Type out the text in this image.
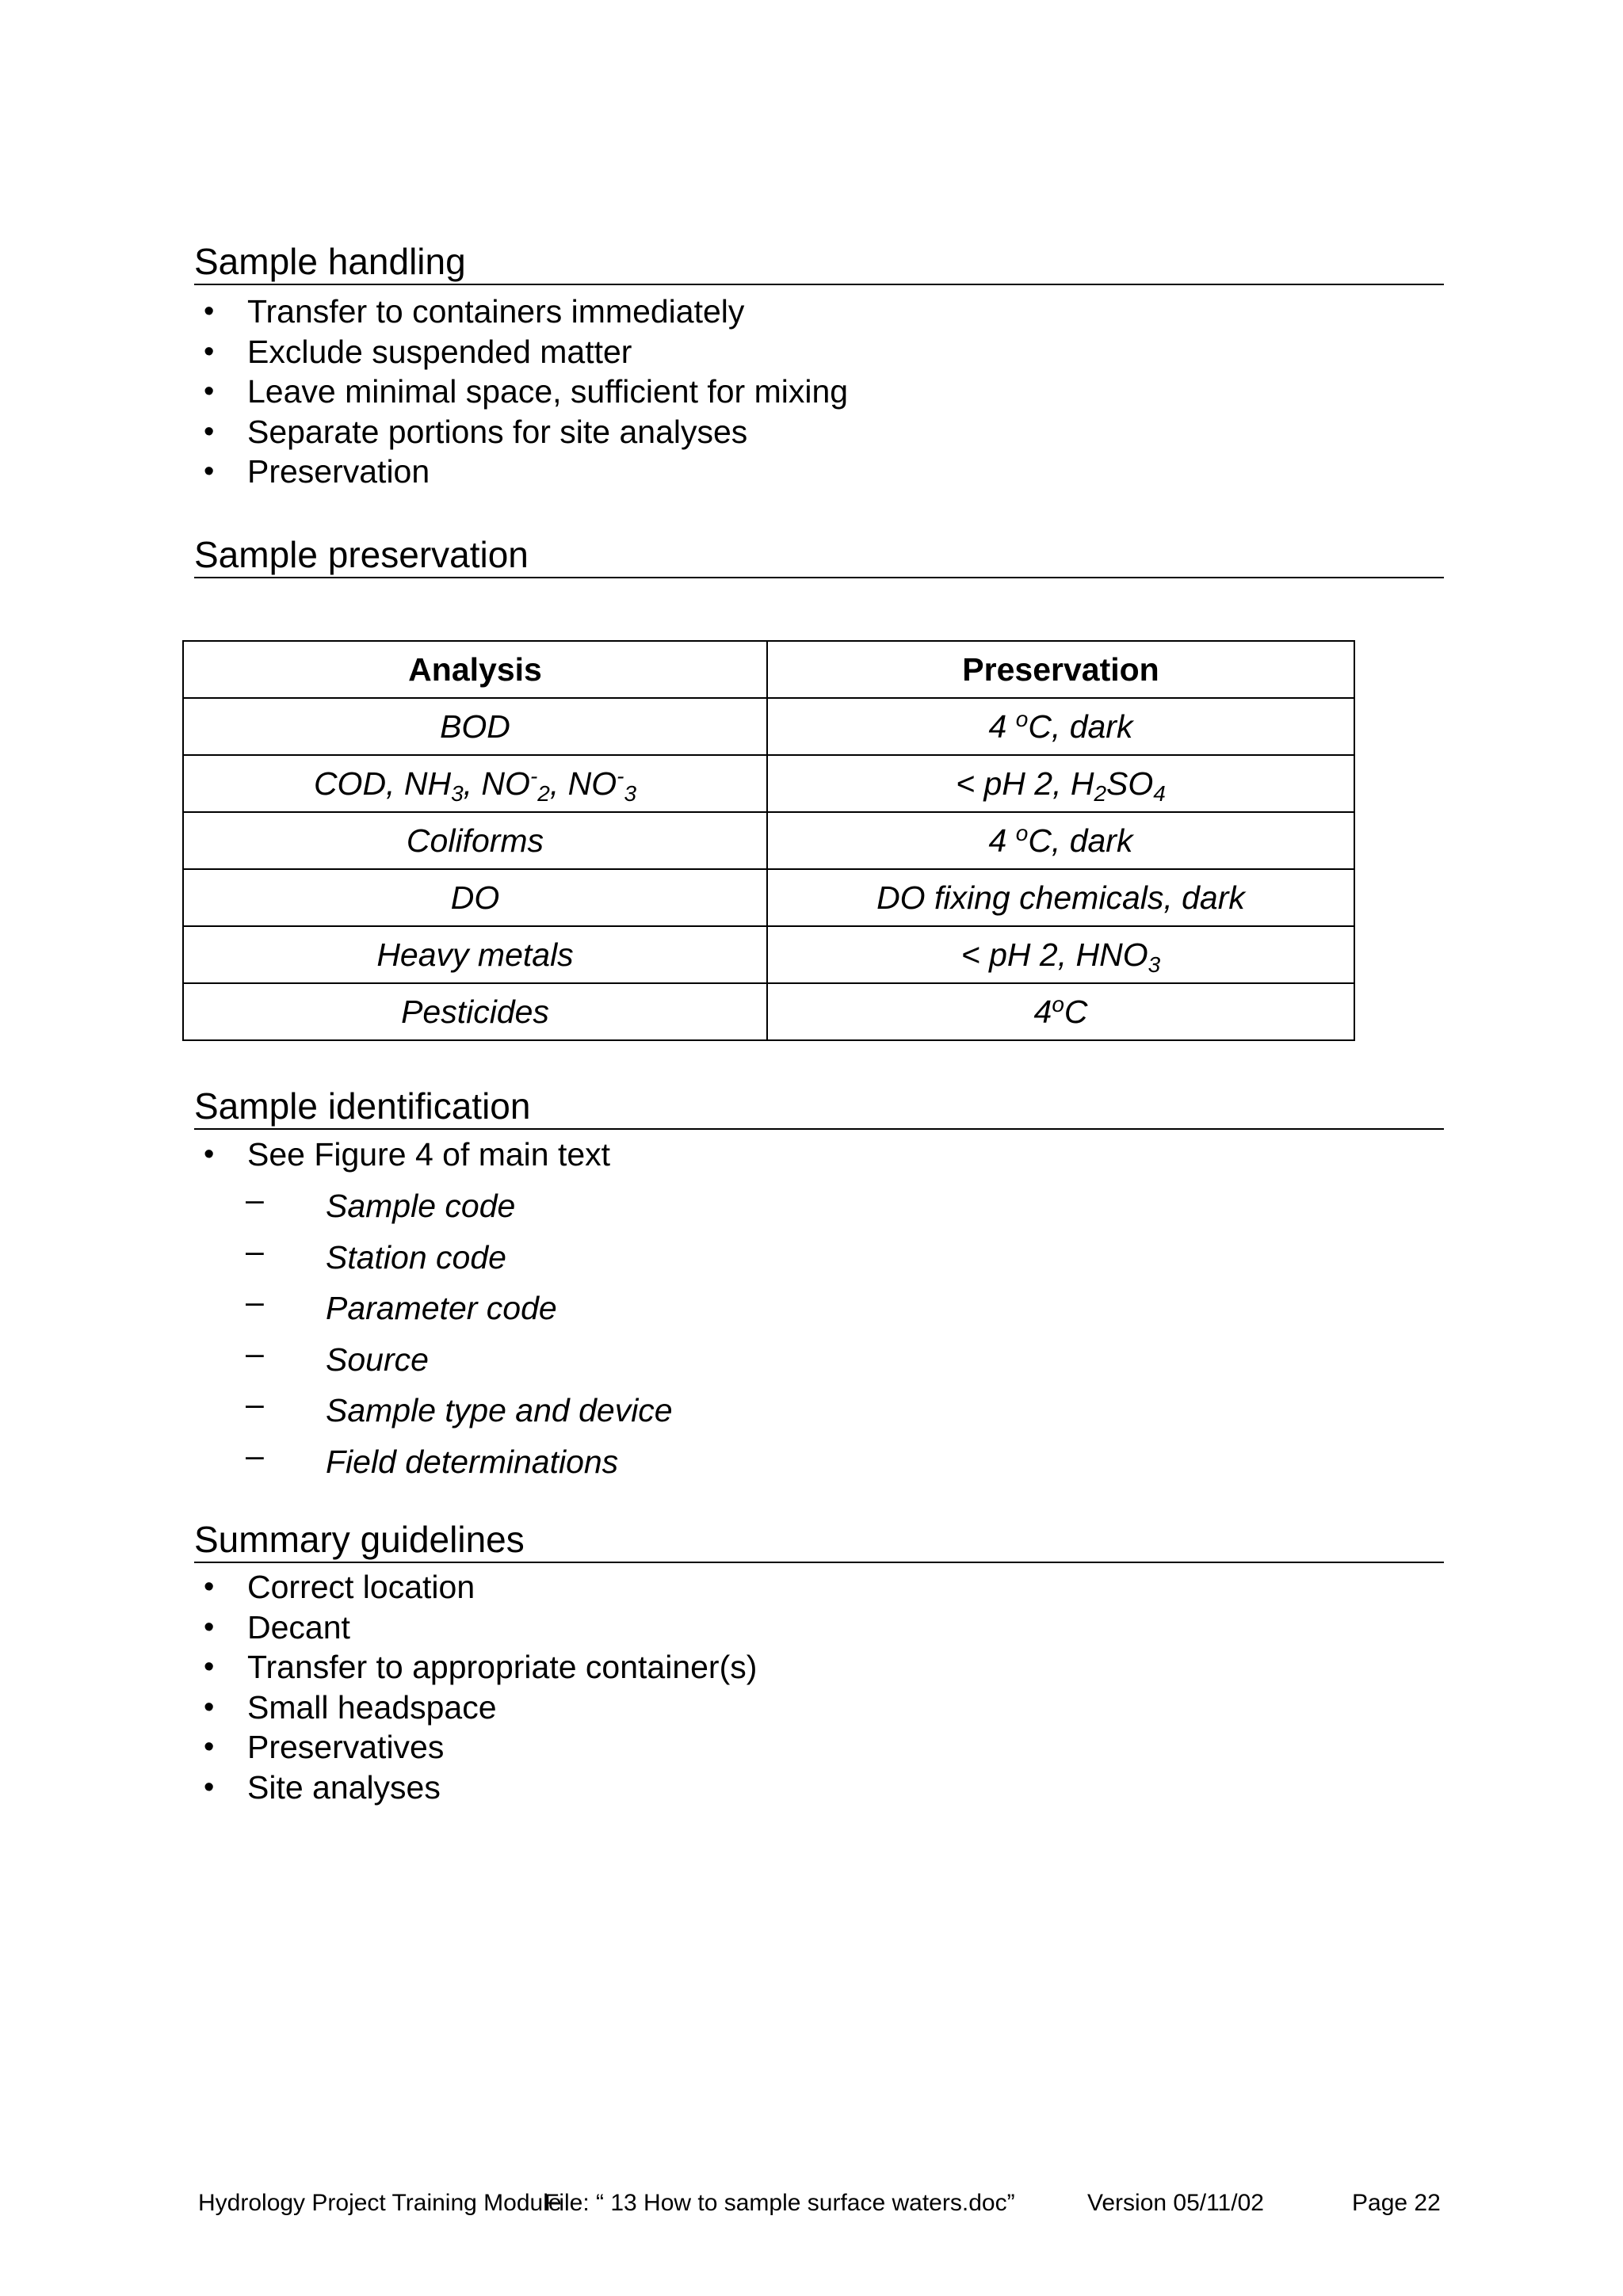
Sample handling
• Transfer to containers immediately
• Exclude suspended matter
• Leave minimal space, sufficient for mixing
• Separate portions for site analyses
• Preservation
Sample preservation
Analysis	Preservation
BOD	4 $^o$C, dark
COD, $NH_3$, $NO^-_2$, $NO^-_3$	< pH 2, $H_2SO_4$
Coliforms	4 $^o$C, dark
DO	DO fixing chemicals, dark
Heavy metals	< pH 2, $HNO_3$
Pesticides	4$^o$C
Sample identification
• See Figure 4 of main text
– Sample code
– Station code
– Parameter code
– Source
– Sample type and device
– Field determinations
Summary guidelines
• Correct location
• Decant
• Transfer to appropriate container(s)
• Small headspace
• Preservatives
• Site analyses
Hydrology Project Training Module
File: “ 13 How to sample surface waters.doc”	Version 05/11/02	Page 22
